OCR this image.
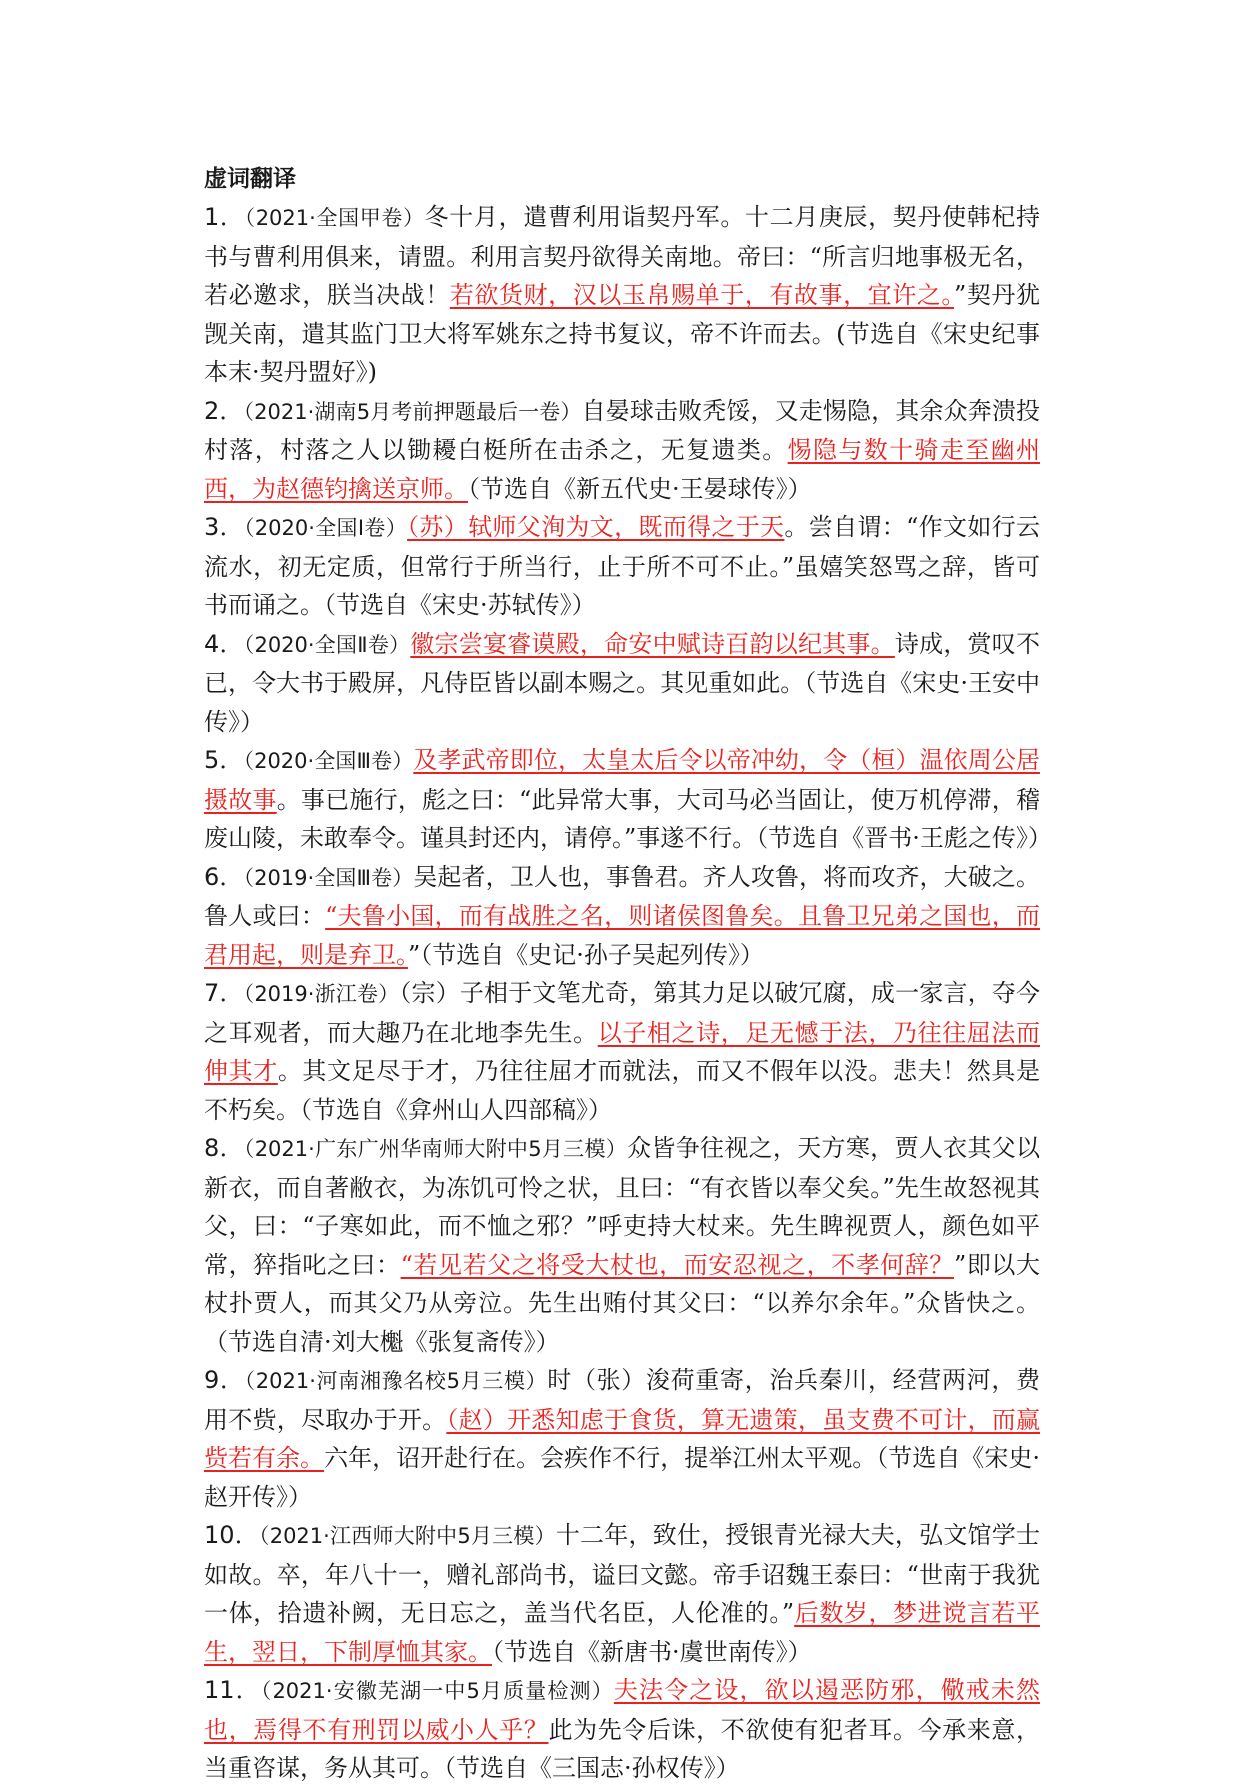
虚词翻译

1．（2021·全国甲卷）冬十月，遣曹利用诣契丹军。十二月庚辰，契丹使韩杞持书与曹利用俱来，请盟。利用言契丹欲得关南地。帝曰：“所言归地事极无名，若必邀求，朕当决战！若欲货财，汉以玉帛赐单于，有故事，宜许之。”契丹犹觊关南，遣其监门卫大将军姚东之持书复议，帝不许而去。(节选自《宋史纪事本末·契丹盟好》)

2．（2021·湖南5月考前押题最后一卷）自晏球击败秃馁，又走惕隐，其余众奔溃投村落，村落之人以锄耰白梃所在击杀之，无复遗类。惕隐与数十骑走至幽州西，为赵德钧擒送京师。（节选自《新五代史·王晏球传》）

3．（2020·全国Ⅰ卷）（苏）轼师父洵为文，既而得之于天。尝自谓：“作文如行云流水，初无定质，但常行于所当行，止于所不可不止。”虽嬉笑怒骂之辞，皆可书而诵之。（节选自《宋史·苏轼传》）

4．（2020·全国Ⅱ卷）徽宗尝宴睿谟殿，命安中赋诗百韵以纪其事。诗成，赏叹不已，令大书于殿屏，凡侍臣皆以副本赐之。其见重如此。（节选自《宋史·王安中传》）

5．（2020·全国Ⅲ卷）及孝武帝即位，太皇太后令以帝冲幼，令（桓）温依周公居摄故事。事已施行，彪之曰：“此异常大事，大司马必当固让，使万机停滞，稽废山陵，未敢奉令。谨具封还内，请停。”事遂不行。（节选自《晋书·王彪之传》）

6．（2019·全国Ⅲ卷）吴起者，卫人也，事鲁君。齐人攻鲁，将而攻齐，大破之。鲁人或曰：“夫鲁小国，而有战胜之名，则诸侯图鲁矣。且鲁卫兄弟之国也，而君用起，则是弃卫。”（节选自《史记·孙子吴起列传》）

7．（2019·浙江卷）（宗）子相于文笔尤奇，第其力足以破冗腐，成一家言，夺今之耳观者，而大趣乃在北地李先生。以子相之诗，足无憾于法，乃往往屈法而伸其才。其文足尽于才，乃往往屈才而就法，而又不假年以没。悲夫！然具是不朽矣。（节选自《弇州山人四部稿》）

8．（2021·广东广州华南师大附中5月三模）众皆争往视之，天方寒，贾人衣其父以新衣，而自著敝衣，为冻饥可怜之状，且曰：“有衣皆以奉父矣。”先生故怒视其父，曰：“子寒如此，而不恤之邪？”呼吏持大杖来。先生睥视贾人，颜色如平常，猝指叱之曰：“若见若父之将受大杖也，而安忍视之，不孝何辞？”即以大杖扑贾人，而其父乃从旁泣。先生出贿付其父曰：“以养尔余年。”众皆快之。（节选自清·刘大櫆《张复斋传》）

9．（2021·河南湘豫名校5月三模）时（张）浚荷重寄，治兵秦川，经营两河，费用不赀，尽取办于开。（赵）开悉知虑于食货，算无遗策，虽支费不可计，而赢赀若有余。六年，诏开赴行在。会疾作不行，提举江州太平观。（节选自《宋史·赵开传》）

10．（2021·江西师大附中5月三模）十二年，致仕，授银青光禄大夫，弘文馆学士如故。卒，年八十一，赠礼部尚书，谥曰文懿。帝手诏魏王泰曰：“世南于我犹一体，拾遗补阙，无日忘之，盖当代名臣，人伦准的。”后数岁，梦进谠言若平生，翌日，下制厚恤其家。（节选自《新唐书·虞世南传》）

11．（2021·安徽芜湖一中5月质量检测）夫法令之设，欲以遏恶防邪，儆戒未然也，焉得不有刑罚以威小人乎？此为先令后诛，不欲使有犯者耳。今承来意，当重咨谋，务从其可。（节选自《三国志·孙权传》）
